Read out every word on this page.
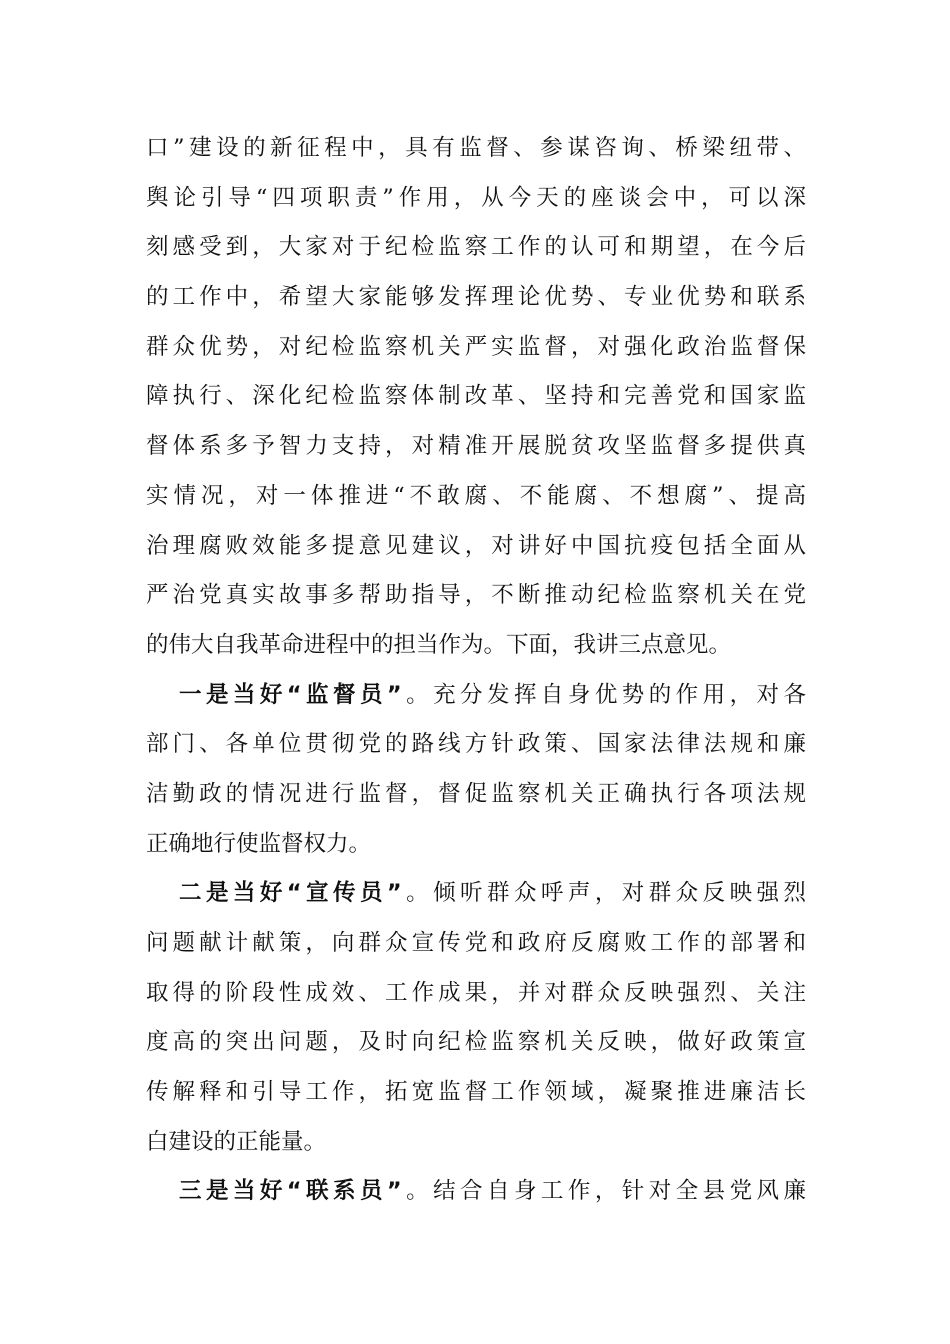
口”建设的新征程中，具有监督、参谋咨询、桥梁纽带、
舆论引导“四项职责”作用，从今天的座谈会中，可以深
刻感受到，大家对于纪检监察工作的认可和期望，在今后
的工作中，希望大家能够发挥理论优势、专业优势和联系
群众优势，对纪检监察机关严实监督，对强化政治监督保
障执行、深化纪检监察体制改革、坚持和完善党和国家监
督体系多予智力支持，对精准开展脱贫攻坚监督多提供真
实情况，对一体推进“不敢腐、不能腐、不想腐”、提高
治理腐败效能多提意见建议，对讲好中国抗疫包括全面从
严治党真实故事多帮助指导，不断推动纪检监察机关在党
的伟大自我革命进程中的担当作为。下面，我讲三点意见。
一是当好“监督员”。充分发挥自身优势的作用，对各
部门、各单位贯彻党的路线方针政策、国家法律法规和廉
洁勤政的情况进行监督，督促监察机关正确执行各项法规
正确地行使监督权力。
二是当好“宣传员”。倾听群众呼声，对群众反映强烈
问题献计献策，向群众宣传党和政府反腐败工作的部署和
取得的阶段性成效、工作成果，并对群众反映强烈、关注
度高的突出问题，及时向纪检监察机关反映，做好政策宣
传解释和引导工作，拓宽监督工作领域，凝聚推进廉洁长
白建设的正能量。
三是当好“联系员”。结合自身工作，针对全县党风廉
